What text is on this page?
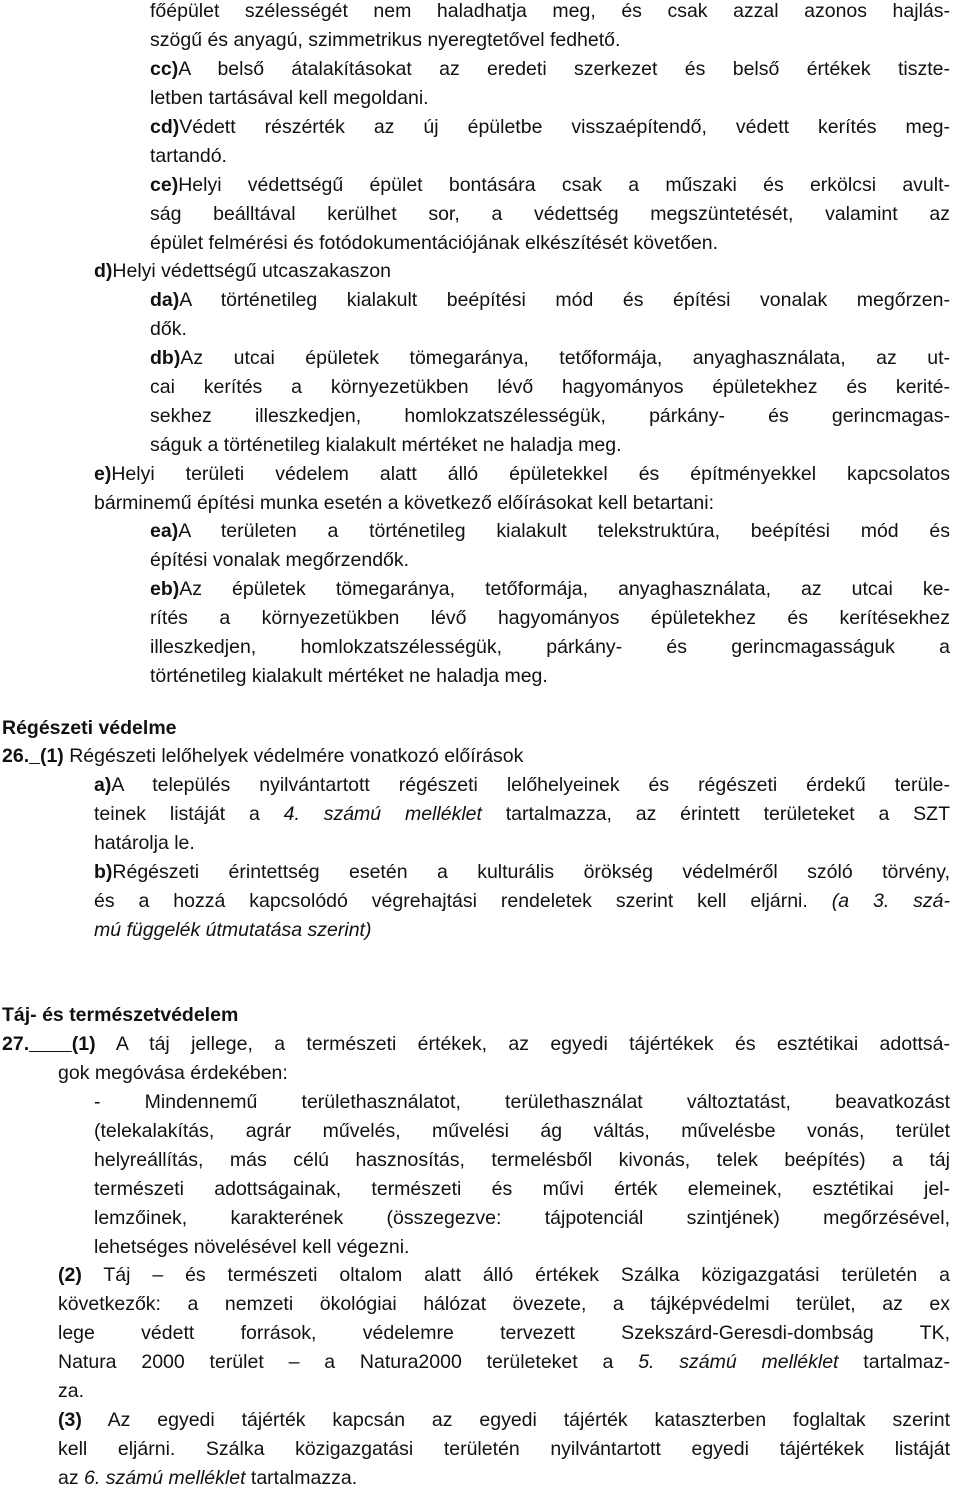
főépület szélességét nem haladhatja meg, és csak azzal azonos hajlás-
szögű és anyagú, szimmetrikus nyeregtetővel fedhető.
cc)A belső átalakításokat az eredeti szerkezet és belső értékek tiszte-
letben tartásával kell megoldani.
cd)Védett részérték az új épületbe visszaépítendő, védett kerítés meg-
tartandó.
ce)Helyi védettségű épület bontására csak a műszaki és erkölcsi avult-
ság beálltával kerülhet sor, a védettség megszüntetését, valamint az
épület felmérési és fotódokumentációjának elkészítését követően.
d)Helyi védettségű utcaszakaszon
da)A történetileg kialakult beépítési mód és építési vonalak megőrzen-
dők.
db)Az utcai épületek tömegaránya, tetőformája, anyaghasználata, az ut-
cai kerítés a környezetükben lévő hagyományos épületekhez és kerité-
sekhez illeszkedjen, homlokzatszélességük, párkány- és gerincmagas-
ságuk a történetileg kialakult mértéket ne haladja meg.
e)Helyi területi védelem alatt álló épületekkel és építményekkel kapcsolatos
bárminemű építési munka esetén a következő előírásokat kell betartani:
ea)A területen a történetileg kialakult telekstruktúra, beépítési mód és
építési vonalak megőrzendők.
eb)Az épületek tömegaránya, tetőformája, anyaghasználata, az utcai ke-
rítés a környezetükben lévő hagyományos épületekhez és kerítésekhez
illeszkedjen, homlokzatszélességük, párkány- és gerincmagasságuk a
történetileg kialakult mértéket ne haladja meg.
Régészeti védelme
26. (1) Régészeti lelőhelyek védelmére vonatkozó előírások
a)A település nyilvántartott régészeti lelőhelyeinek és régészeti érdekű terüle-
teinek listáját a 4. számú melléklet tartalmazza, az érintett területeket a SZT
határolja le.
b)Régészeti érintettség esetén a kulturális örökség védelméről szóló törvény,
és a hozzá kapcsolódó végrehajtási rendeletek szerint kell eljárni. (a 3. szá-
mú függelék útmutatása szerint)
Táj- és természetvédelem
27. (1) A táj jellege, a természeti értékek, az egyedi tájértékek és esztétikai adottsá-
gok megóvása érdekében:
- Mindennemű területhasználatot, területhasználat változtatást, beavatkozást
(telekalakítás, agrár művelés, művelési ág váltás, művelésbe vonás, terület
helyreállítás, más célú hasznosítás, termelésből kivonás, telek beépítés) a táj
természeti adottságainak, természeti és művi érték elemeinek, esztétikai jel-
lemzőinek, karakterének (összegezve: tájpotenciál szintjének) megőrzésével,
lehetséges növelésével kell végezni.
(2) Táj – és természeti oltalom alatt álló értékek Szálka közigazgatási területén a
következők: a nemzeti ökológiai hálózat övezete, a tájképvédelmi terület, az ex
lege védett források, védelemre tervezett Szekszárd-Geresdi-dombság TK,
Natura 2000 terület – a Natura2000 területeket a 5. számú melléklet tartalmaz-
za.
(3) Az egyedi tájérték kapcsán az egyedi tájérték kataszterben foglaltak szerint
kell eljárni. Szálka közigazgatási területén nyilvántartott egyedi tájértékek listáját
az 6. számú melléklet tartalmazza.
